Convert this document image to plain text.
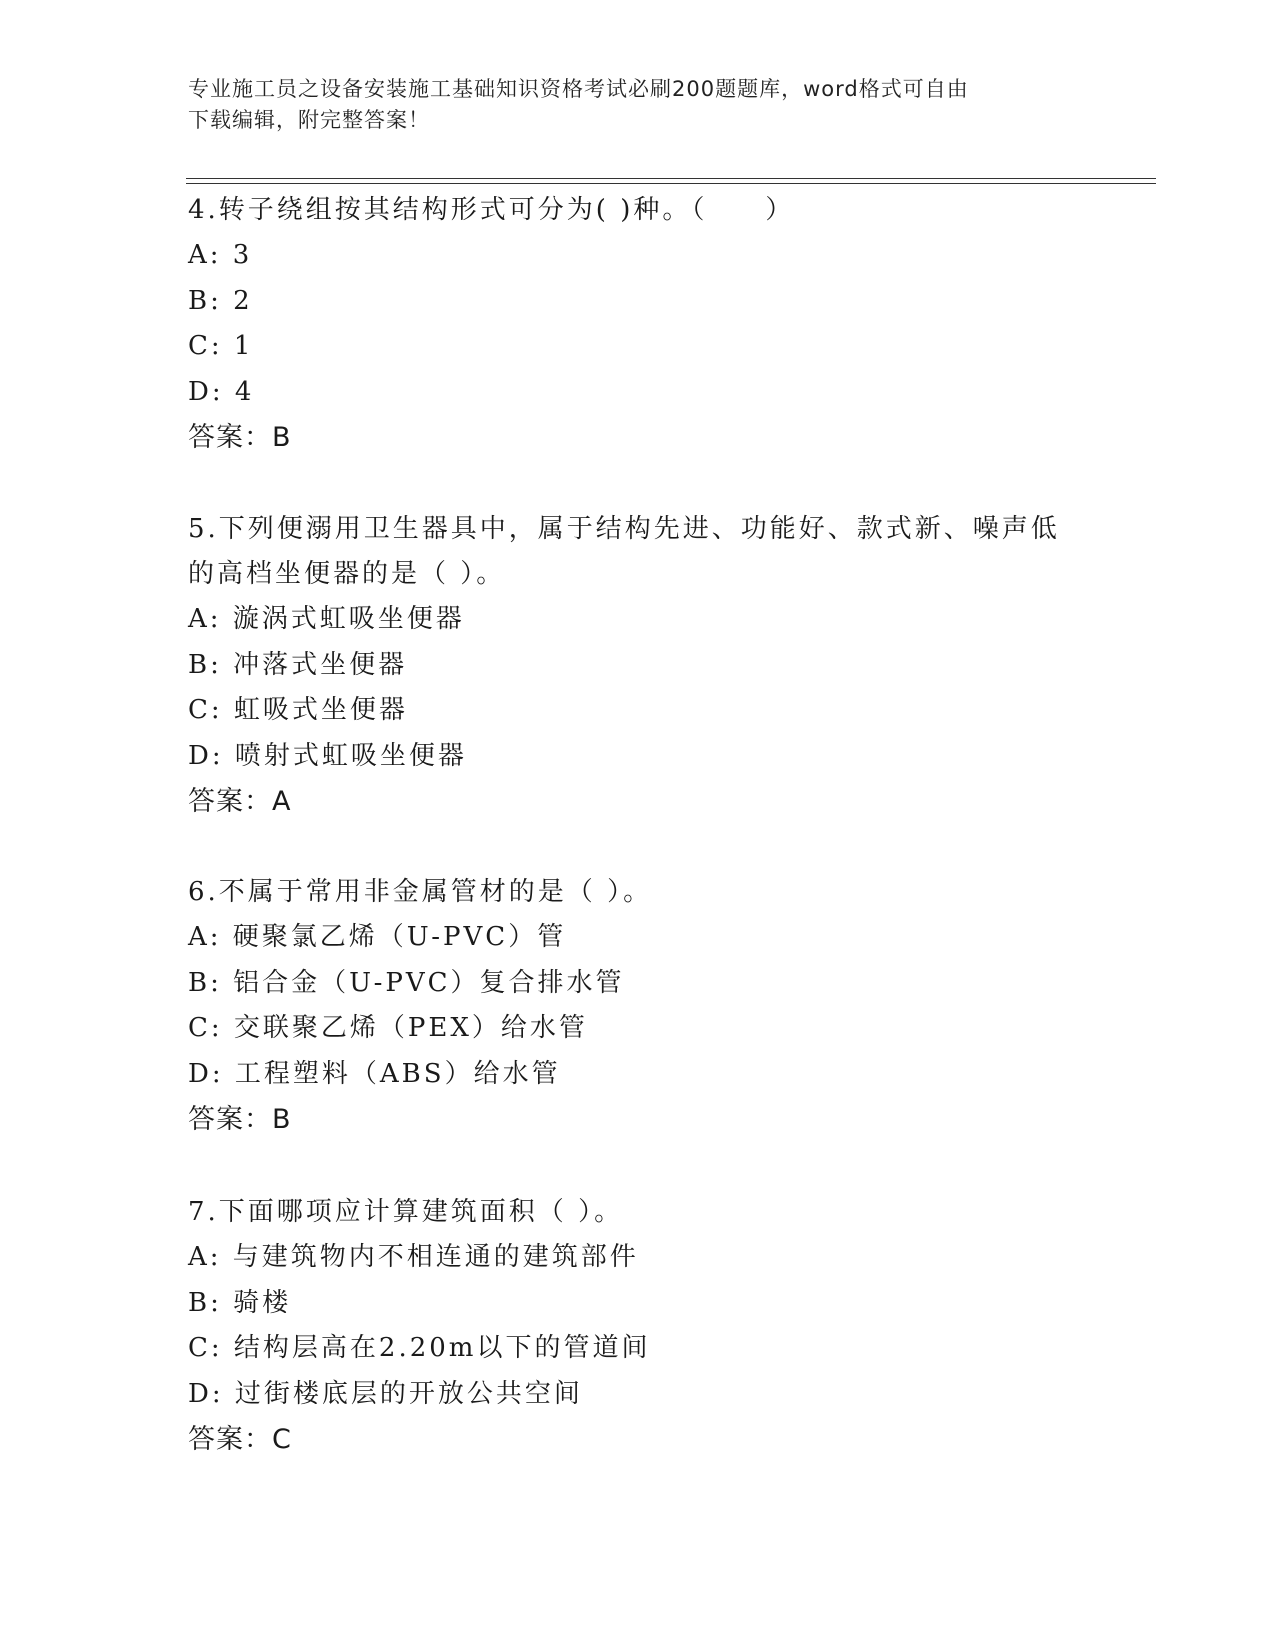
专业施工员之设备安装施工基础知识资格考试必刷200题题库，word格式可自由
下载编辑，附完整答案！

4.转子绕组按其结构形式可分为( )种。（　　）

A: 3

B: 2

C: 1

D: 4

答案：B

5.下列便溺用卫生器具中，属于结构先进、功能好、款式新、噪声低

的高档坐便器的是（ ）。

A: 漩涡式虹吸坐便器

B: 冲落式坐便器

C: 虹吸式坐便器

D: 喷射式虹吸坐便器

答案：A

6.不属于常用非金属管材的是（ ）。

A: 硬聚氯乙烯（U-PVC）管

B: 铝合金（U-PVC）复合排水管

C: 交联聚乙烯（PEX）给水管

D: 工程塑料（ABS）给水管

答案：B

7.下面哪项应计算建筑面积（ ）。

A: 与建筑物内不相连通的建筑部件

B: 骑楼

C: 结构层高在2.20m以下的管道间

D: 过街楼底层的开放公共空间

答案：C
